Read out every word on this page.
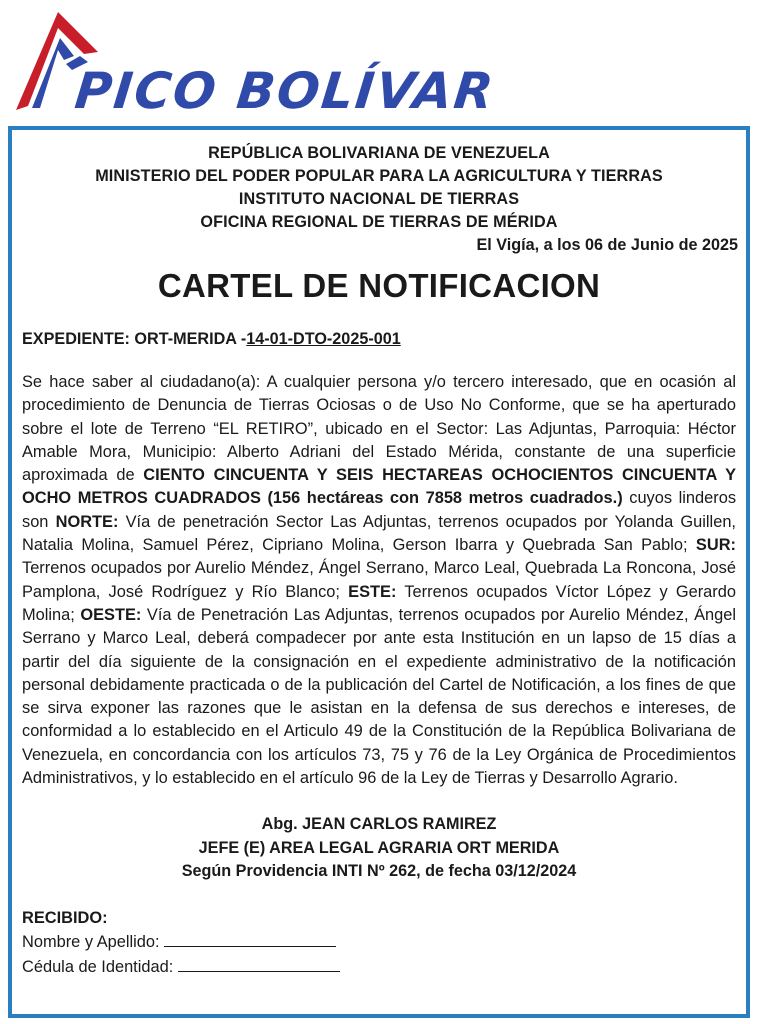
PICO BOLÍVAR
REPÚBLICA BOLIVARIANA DE VENEZUELA
MINISTERIO DEL PODER POPULAR PARA LA AGRICULTURA Y TIERRAS
INSTITUTO NACIONAL DE TIERRAS
OFICINA REGIONAL DE TIERRAS DE MÉRIDA
El Vigía, a los 06 de Junio de 2025
CARTEL DE NOTIFICACION
EXPEDIENTE: ORT-MERIDA -14-01-DTO-2025-001
Se hace saber al ciudadano(a): A cualquier persona y/o tercero interesado, que en ocasión al procedimiento de Denuncia de Tierras Ociosas o de Uso No Conforme, que se ha aperturado sobre el lote de Terreno “EL RETIRO”, ubicado en el Sector: Las Adjuntas, Parroquia: Héctor Amable Mora, Municipio: Alberto Adriani del Estado Mérida, constante de una superficie aproximada de CIENTO CINCUENTA Y SEIS HECTAREAS OCHOCIENTOS CINCUENTA Y OCHO METROS CUADRADOS (156 hectáreas con 7858 metros cuadrados.) cuyos linderos son NORTE: Vía de penetración Sector Las Adjuntas, terrenos ocupados por Yolanda Guillen, Natalia Molina, Samuel Pérez, Cipriano Molina, Gerson Ibarra y Quebrada San Pablo; SUR: Terrenos ocupados por Aurelio Méndez, Ángel Serrano, Marco Leal, Quebrada La Roncona, José Pamplona, José Rodríguez y Río Blanco; ESTE: Terrenos ocupados Víctor López y Gerardo Molina; OESTE: Vía de Penetración Las Adjuntas, terrenos ocupados por Aurelio Méndez, Ángel Serrano y Marco Leal, deberá compadecer por ante esta Institución en un lapso de 15 días a partir del día siguiente de la consignación en el expediente administrativo de la notificación personal debidamente practicada o de la publicación del Cartel de Notificación, a los fines de que se sirva exponer las razones que le asistan en la defensa de sus derechos e intereses, de conformidad a lo establecido en el Articulo 49 de la Constitución de la República Bolivariana de Venezuela, en concordancia con los artículos 73, 75 y 76 de la Ley Orgánica de Procedimientos Administrativos, y lo establecido en el artículo 96 de la Ley de Tierras y Desarrollo Agrario.
Abg. JEAN CARLOS RAMIREZ
JEFE (E) AREA LEGAL AGRARIA ORT MERIDA
Según Providencia INTI Nº 262, de fecha 03/12/2024
RECIBIDO:
Nombre y Apellido:
Cédula de Identidad:
